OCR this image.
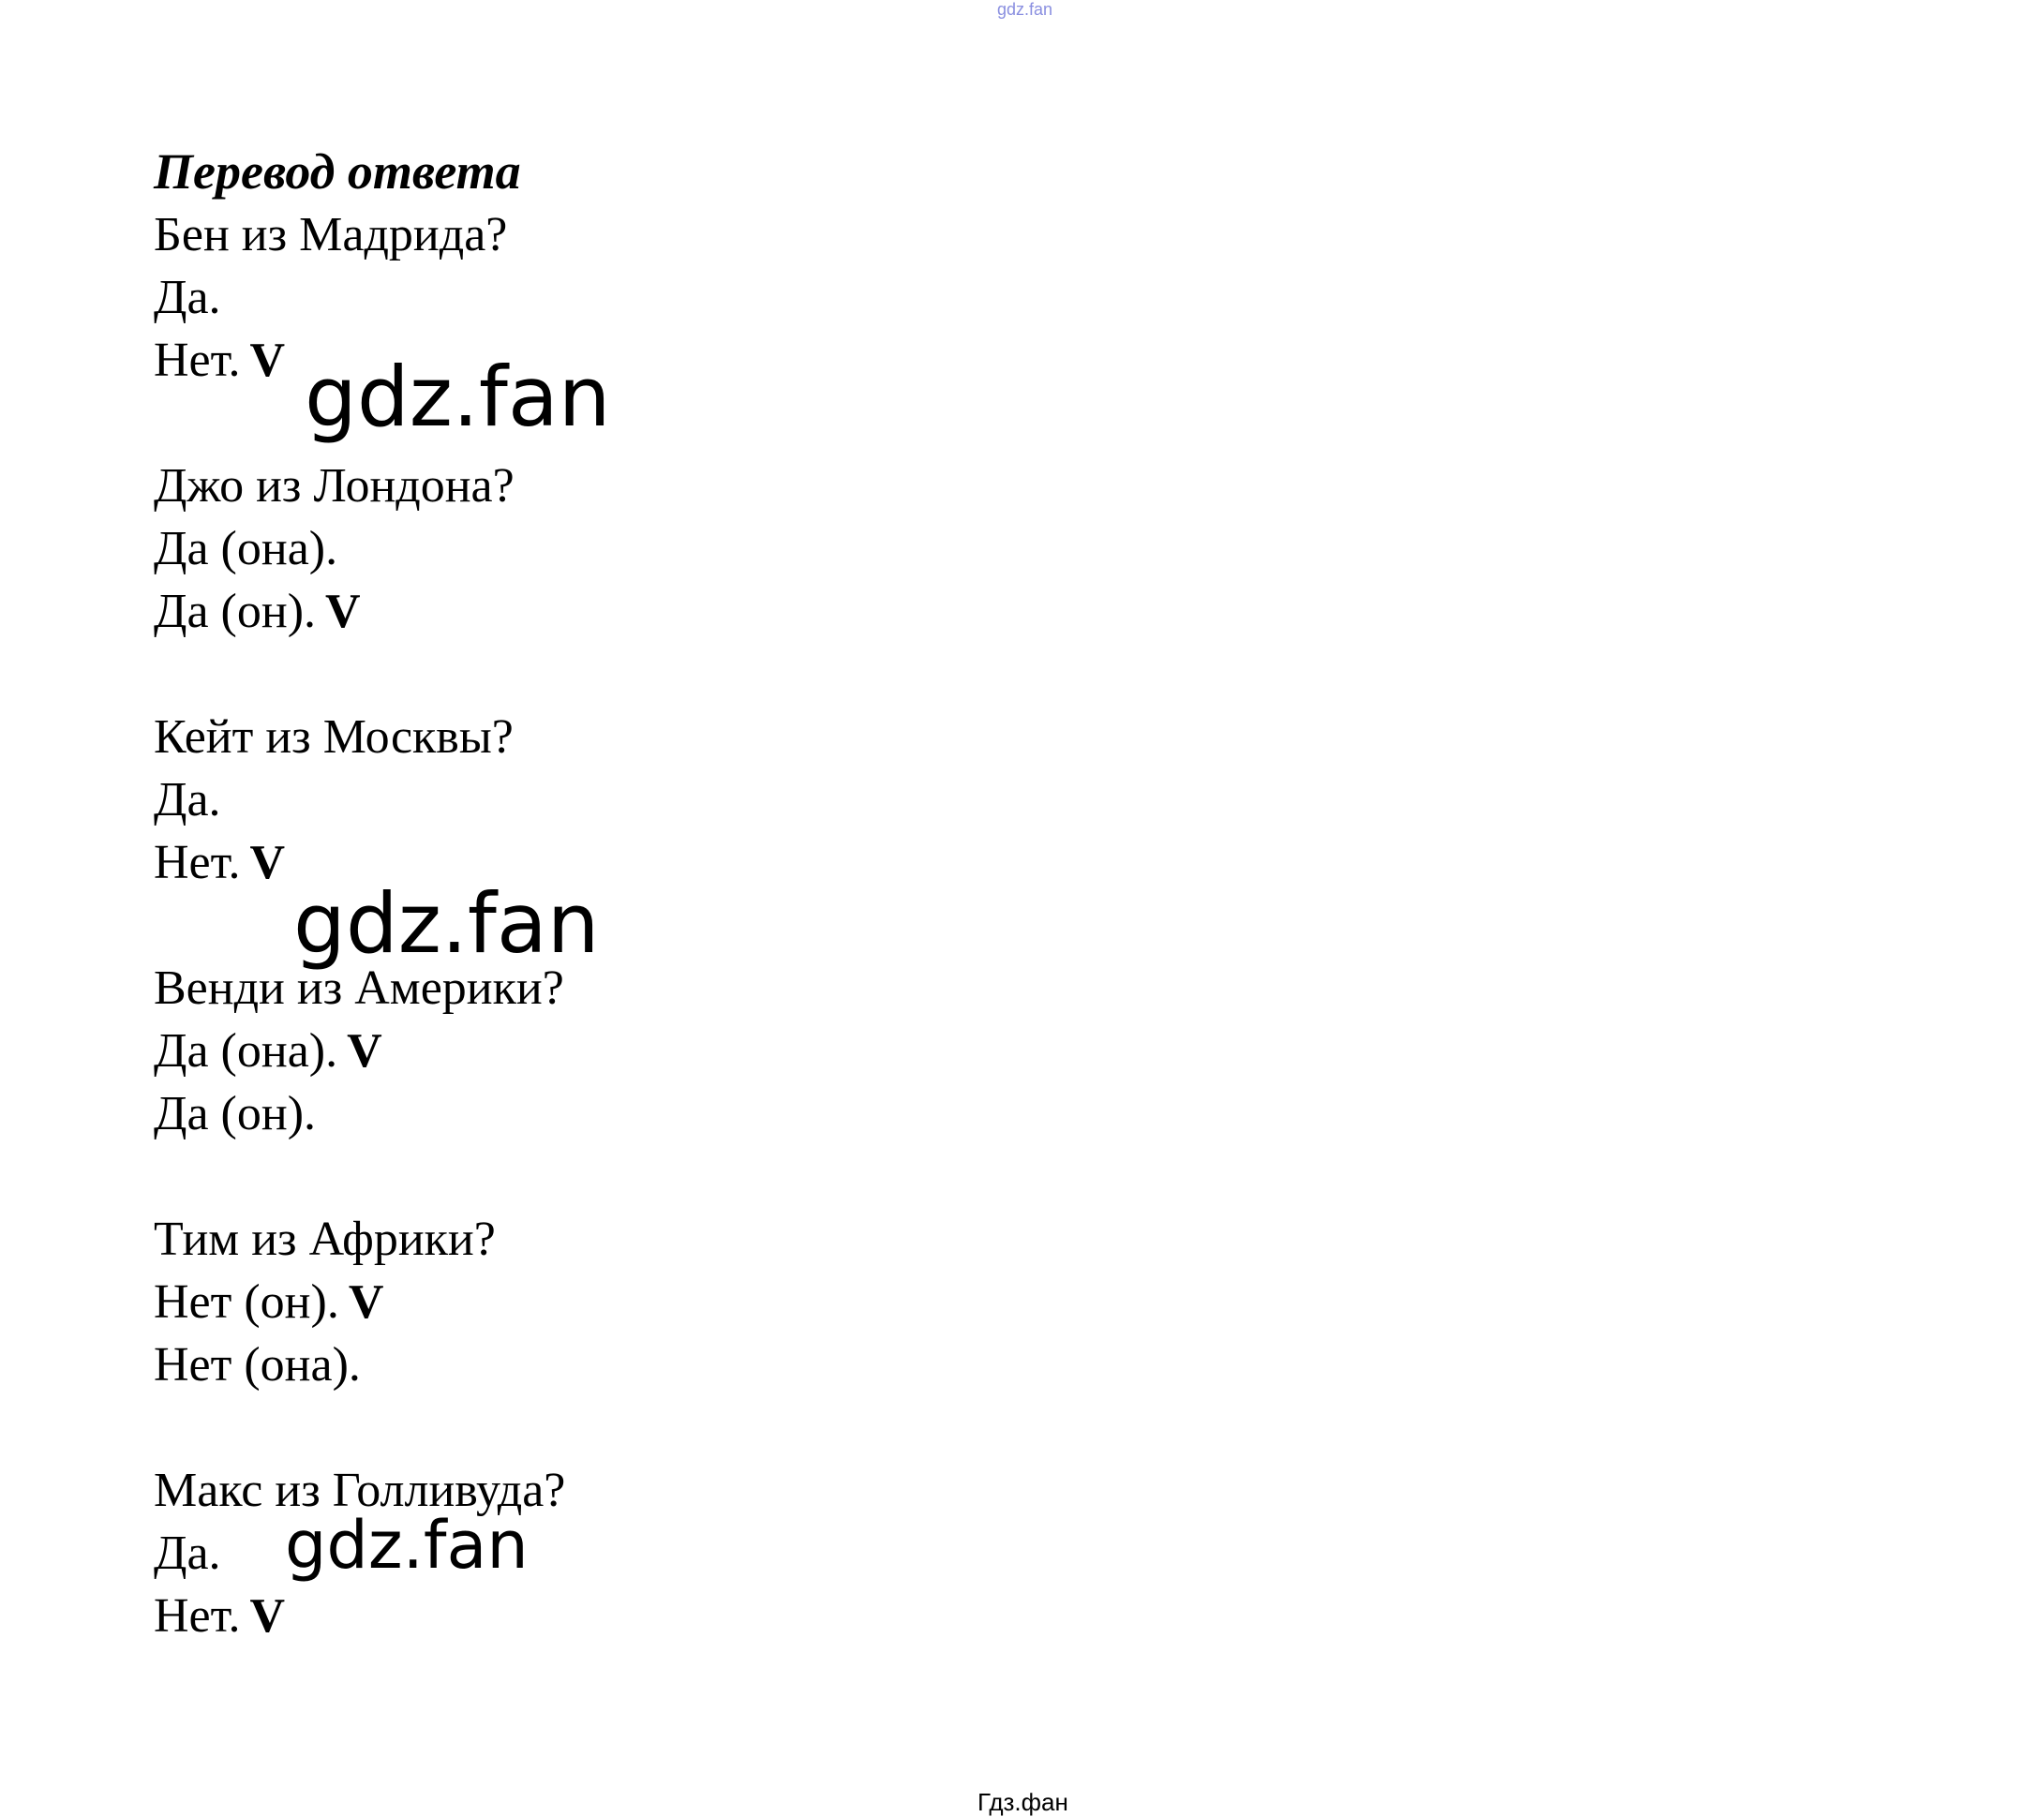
gdz.fan

Перевод ответа

Бен из Мадрида?

Да.

Нет. V

Джо из Лондона?

Да (она).

Да (он). V

Кейт из Москвы?

Да.

Нет. V

Венди из Америки?

Да (она). V

Да (он).

Тим из Африки?

Нет (он). V

Нет (она).

Макс из Голливуда?

Да.

Нет. V

gdz.fan
gdz.fan
gdz.fan
Гдз.фан
